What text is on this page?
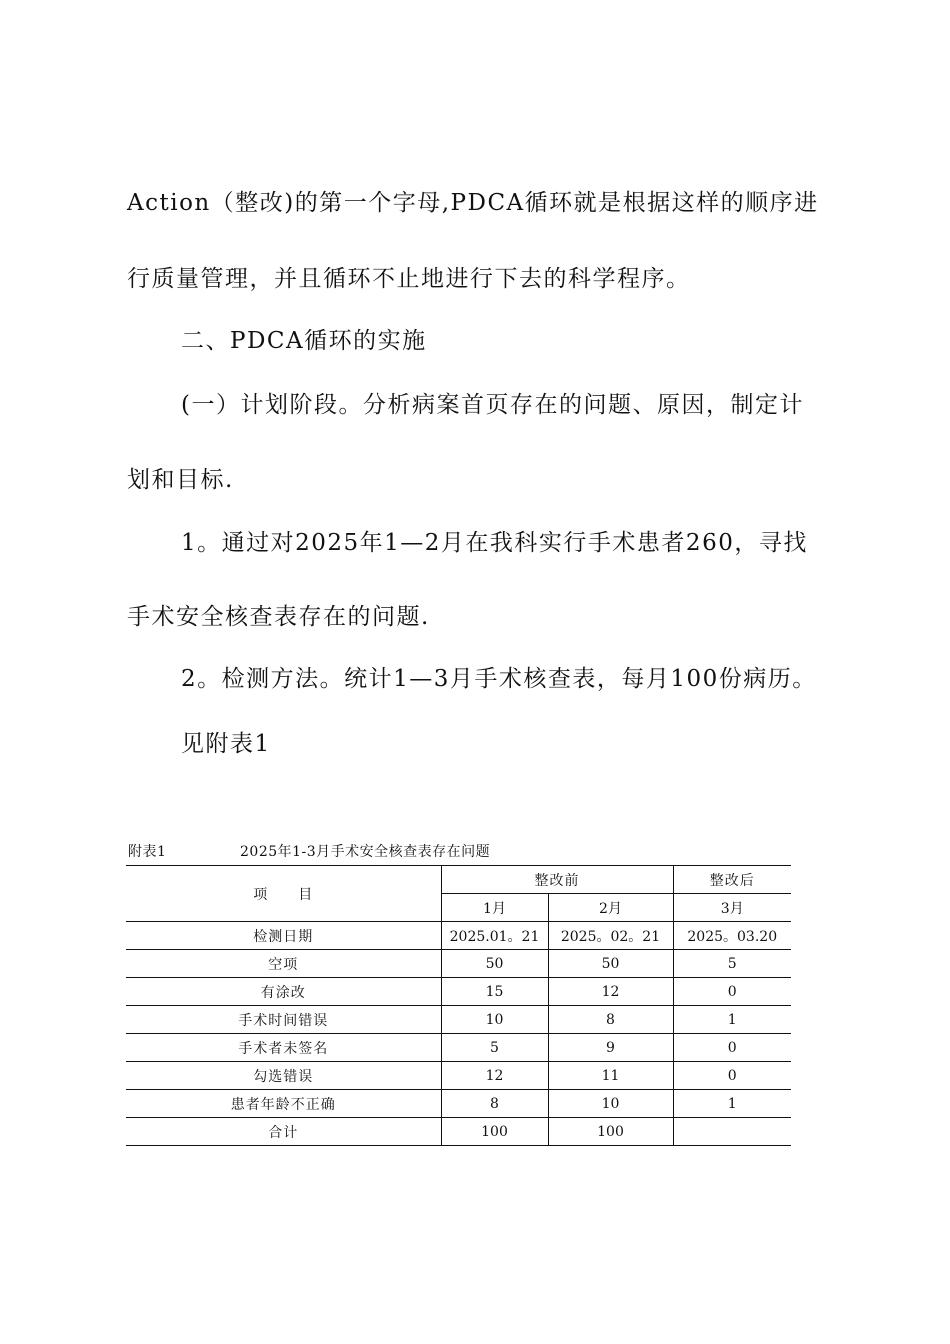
Action（整改)的第一个字母,PDCA循环就是根据这样的顺序进
行质量管理，并且循环不止地进行下去的科学程序。
二、PDCA循环的实施
(一）计划阶段。分析病案首页存在的问题、原因，制定计
划和目标.
1。通过对2025年1—2月在我科实行手术患者260，寻找
手术安全核查表存在的问题.
2。检测方法。统计1—3月手术核查表，每月100份病历。
见附表1
附表1	2025年1-3月手术安全核查表存在问题
项　　目	整改前		整改后
	1月	2月	3月
检测日期	2025.01。21	2025。02。21	2025。03.20
空项	50	50	5
有涂改	15	12	0
手术时间错误	10	8	1
手术者未签名	5	9	0
勾选错误	12	11	0
患者年龄不正确	8	10	1
合计	100	100	
